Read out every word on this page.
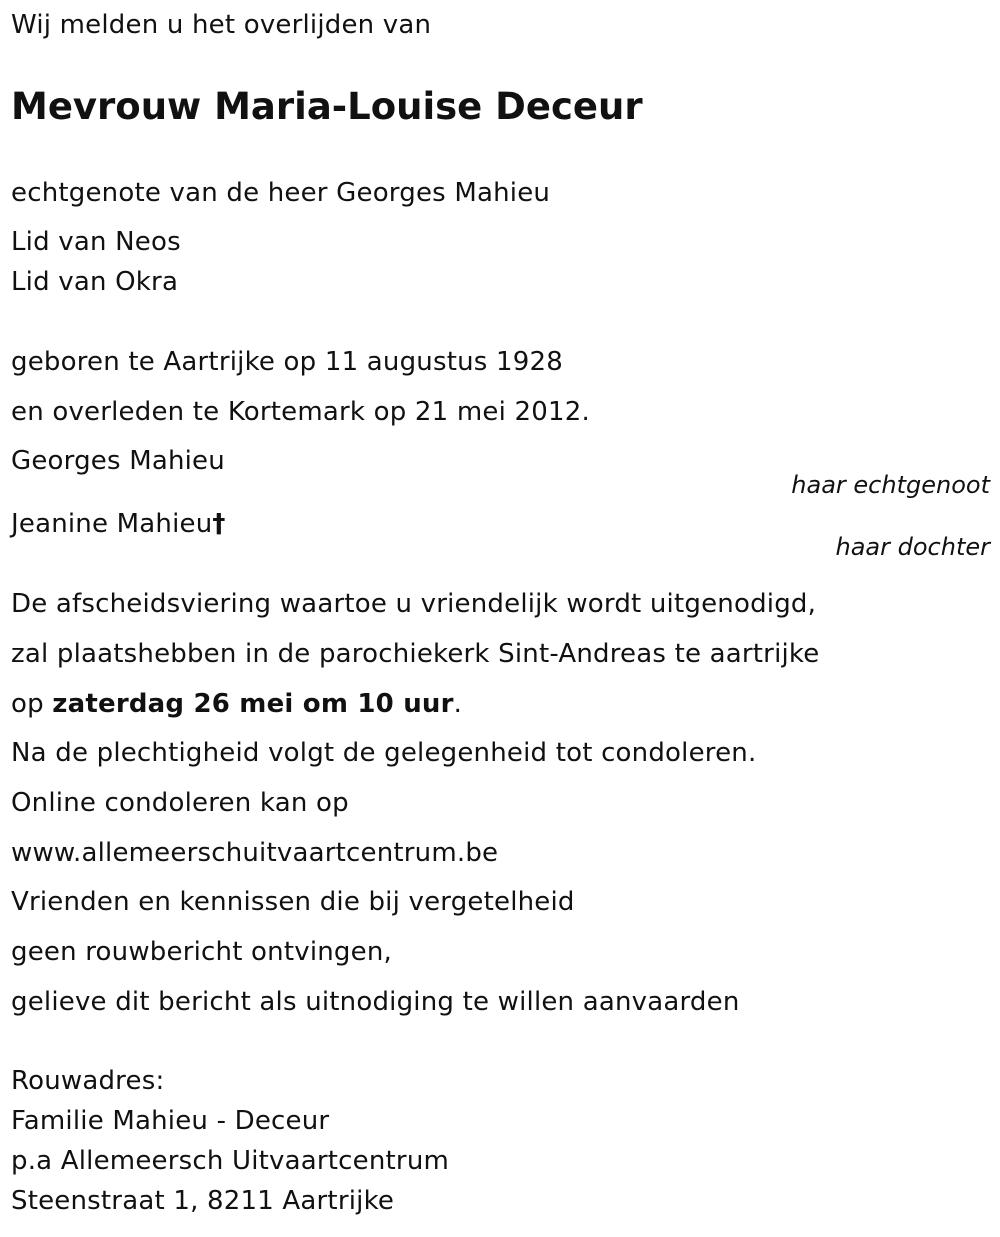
Wij melden u het overlijden van
Mevrouw Maria-Louise Deceur
echtgenote van de heer Georges Mahieu
Lid van Neos
Lid van Okra
geboren te Aartrijke op 11 augustus 1928
en overleden te Kortemark op 21 mei 2012.
Georges Mahieu
haar echtgenoot
Jeanine Mahieu†
haar dochter
De afscheidsviering waartoe u vriendelijk wordt uitgenodigd,
zal plaatshebben in de parochiekerk Sint-Andreas te aartrijke
op zaterdag 26 mei om 10 uur.
Na de plechtigheid volgt de gelegenheid tot condoleren.
Online condoleren kan op
www.allemeerschuitvaartcentrum.be
Vrienden en kennissen die bij vergetelheid
geen rouwbericht ontvingen,
gelieve dit bericht als uitnodiging te willen aanvaarden
Rouwadres:
Familie Mahieu - Deceur
p.a Allemeersch Uitvaartcentrum
Steenstraat 1, 8211 Aartrijke
